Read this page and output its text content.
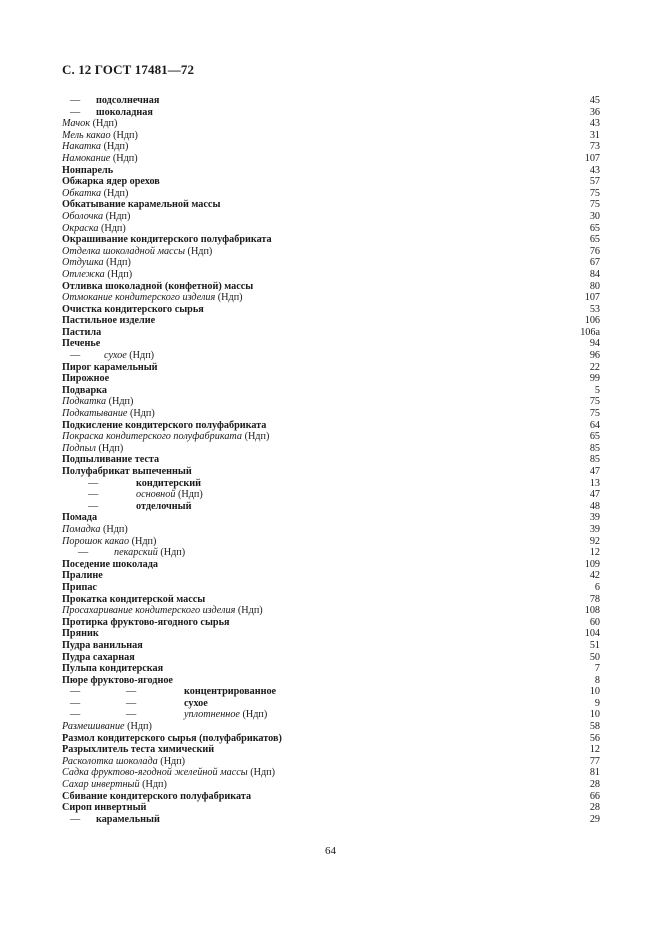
С. 12 ГОСТ 17481—72
— подсолнечная	45
— шоколадная	36
Мачок (Ндп)	43
Мель какао (Ндп)	31
Накатка (Ндп)	73
Намокание (Ндп)	107
Нонпарель	43
Обжарка ядер орехов	57
Обкатка (Ндп)	75
Обкатывание карамельной массы	75
Оболочка (Ндп)	30
Окраска (Ндп)	65
Окрашивание кондитерского полуфабриката	65
Отделка шоколадной массы (Ндп)	76
Отдушка (Ндп)	67
Отлежка (Ндп)	84
Отливка шоколадной (конфетной) массы	80
Отмокание кондитерского изделия (Ндп)	107
Очистка кондитерского сырья	53
Пастильное изделие	106
Пастила	106а
Печенье	94
— сухое (Ндп)	96
Пирог карамельный	22
Пирожное	99
Подварка	5
Подкатка (Ндп)	75
Подкатывание (Ндп)	75
Подкисление кондитерского полуфабриката	64
Покраска кондитерского полуфабриката (Ндп)	65
Подпыл (Ндп)	85
Подпыливание теста	85
Полуфабрикат выпеченный	47
—	кондитерский	13
—	основной (Ндп)	47
—	отделочный	48
Помада	39
Помадка (Ндп)	39
Порошок какао (Ндп)	92
—	пекарский (Ндп)	12
Поседение шоколада	109
Пралине	42
Припас	6
Прокатка кондитерской массы	78
Просахаривание кондитерского изделия (Ндп)	108
Протирка фруктово-ягодного сырья	60
Пряник	104
Пудра ванильная	51
Пудра сахарная	50
Пульпа кондитерская	7
Пюре фруктово-ягодное	8
—	—	концентрированное	10
—	—	сухое	9
—	—	уплотненное (Ндп)	10
Размешивание (Ндп)	58
Размол кондитерского сырья (полуфабрикатов)	56
Разрыхлитель теста химический	12
Расколотка шоколада (Ндп)	77
Садка фруктово-ягодной желейной массы (Ндп)	81
Сахар инвертный (Ндп)	28
Сбивание кондитерского полуфабриката	66
Сироп инвертный	28
— карамельный	29

64
